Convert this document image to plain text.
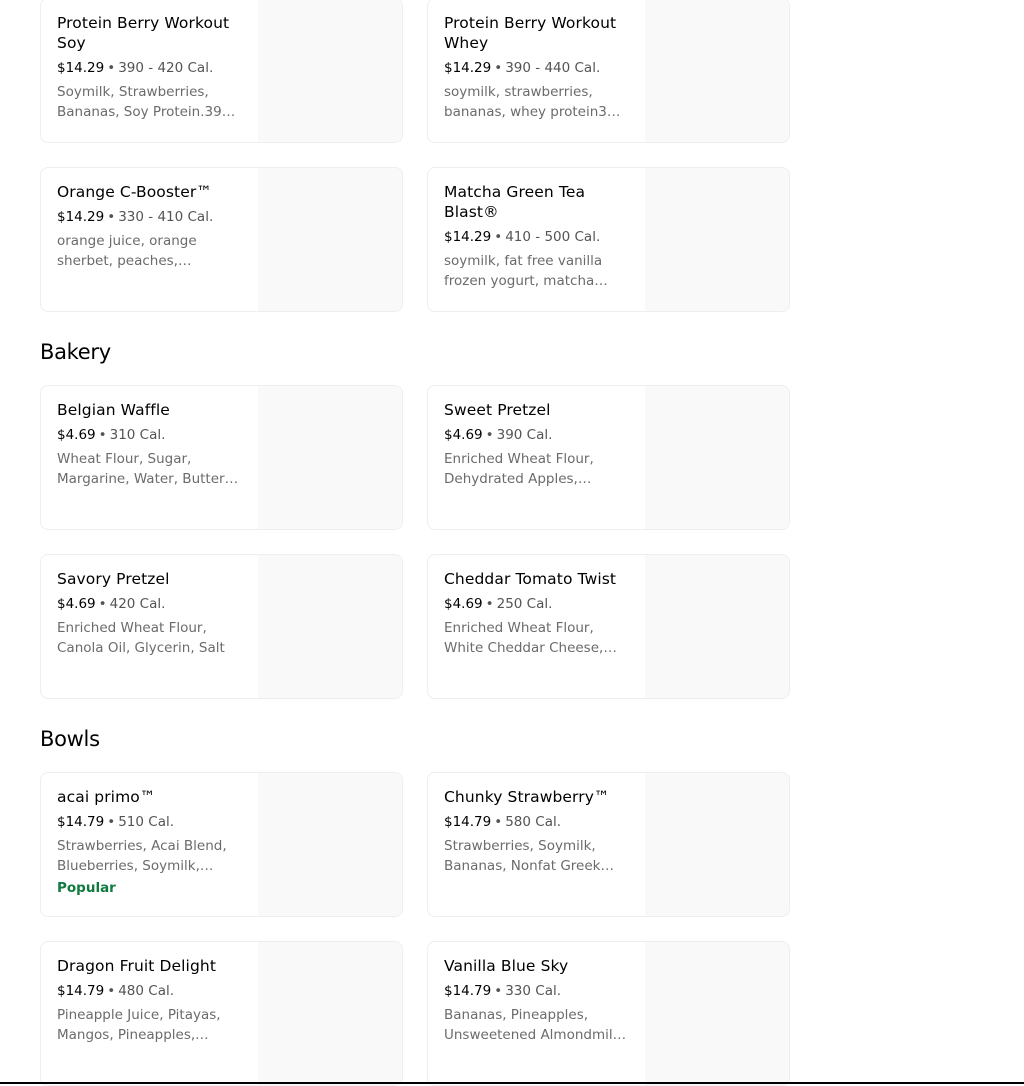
Protein Berry Workout Soy
$14.29 • 390 - 420 Cal.
Soymilk, Strawberries, Bananas, Soy Protein.390 -
Protein Berry Workout Whey
$14.29 • 390 - 440 Cal.
soymilk, strawberries, bananas, whey protein390
Orange C-Booster™
$14.29 • 330 - 410 Cal.
orange juice, orange sherbet, peaches,
Matcha Green Tea Blast®
$14.29 • 410 - 500 Cal.
soymilk, fat free vanilla frozen yogurt, matcha
Bakery
Belgian Waffle
$4.69 • 310 Cal.
Wheat Flour, Sugar, Margarine, Water, Butter,
Sweet Pretzel
$4.69 • 390 Cal.
Enriched Wheat Flour, Dehydrated Apples,
Savory Pretzel
$4.69 • 420 Cal.
Enriched Wheat Flour, Canola Oil, Glycerin, Salt
Cheddar Tomato Twist
$4.69 • 250 Cal.
Enriched Wheat Flour, White Cheddar Cheese,
Bowls
acai primo™
$14.79 • 510 Cal.
Strawberries, Acai Blend, Blueberries, Soymilk,
Popular
Chunky Strawberry™
$14.79 • 580 Cal.
Strawberries, Soymilk, Bananas, Nonfat Greek
Dragon Fruit Delight
$14.79 • 480 Cal.
Pineapple Juice, Pitayas, Mangos, Pineapples,
Vanilla Blue Sky
$14.79 • 330 Cal.
Bananas, Pineapples, Unsweetened Almondmilk,
